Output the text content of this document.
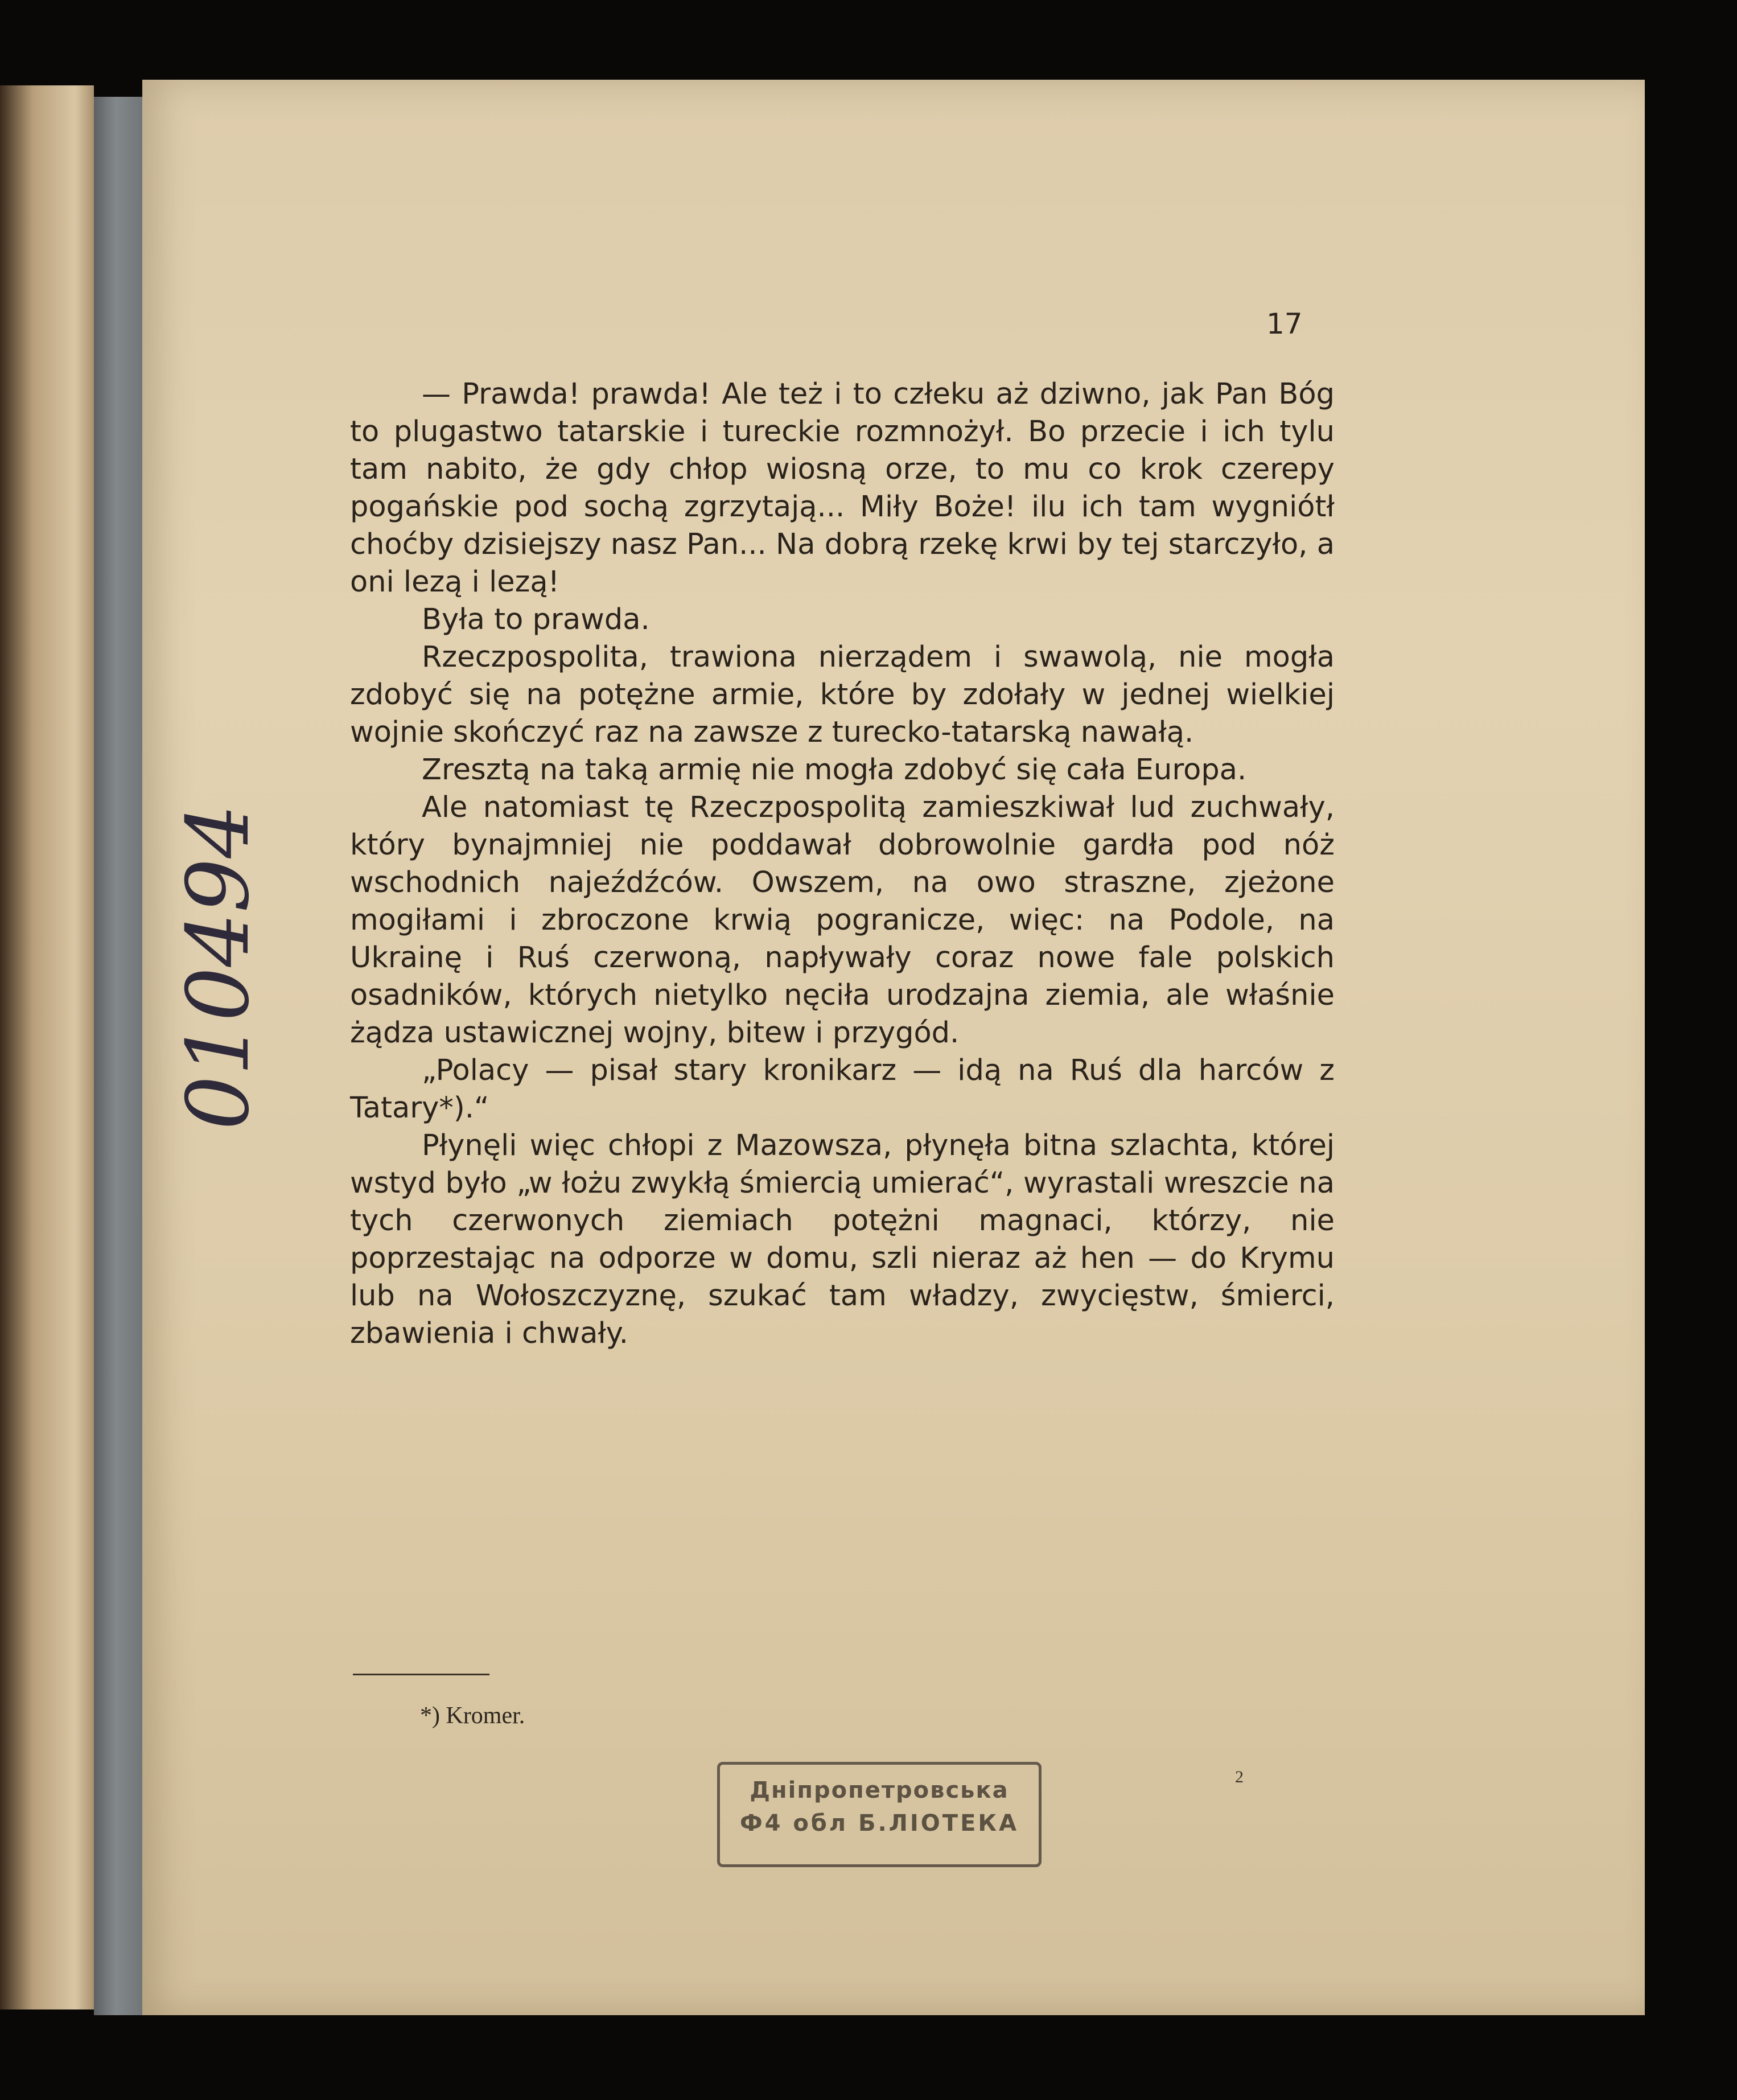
17

— Prawda! prawda! Ale też i to człeku aż dziwno, jak Pan Bóg to plugastwo tatarskie i tureckie rozmnożył. Bo przecie i ich tylu tam nabito, że gdy chłop wiosną orze, to mu co krok czerepy pogańskie pod sochą zgrzytają... Miły Boże! ilu ich tam wygniótł choćby dzisiejszy nasz Pan... Na dobrą rzekę krwi by tej starczyło, a oni lezą i lezą!

Była to prawda.

Rzeczpospolita, trawiona nierządem i swawolą, nie mogła zdobyć się na potężne armie, które by zdołały w jednej wielkiej wojnie skończyć raz na zawsze z turecko-tatarską nawałą.

Zresztą na taką armię nie mogła zdobyć się cała Europa.

Ale natomiast tę Rzeczpospolitą zamieszkiwał lud zuchwały, który bynajmniej nie poddawał dobrowolnie gardła pod nóż wschodnich najeźdźców. Owszem, na owo straszne, zjeżone mogiłami i zbroczone krwią pogranicze, więc: na Podole, na Ukrainę i Ruś czerwoną, napływały coraz nowe fale polskich osadników, których nietylko nęciła urodzajna ziemia, ale właśnie żądza ustawicznej wojny, bitew i przygód.

„Polacy — pisał stary kronikarz — idą na Ruś dla harców z Tatary*).“

Płynęli więc chłopi z Mazowsza, płynęła bitna szlachta, której wstyd było „w łożu zwykłą śmiercią umierać“, wyrastali wreszcie na tych czerwonych ziemiach potężni magnaci, którzy, nie poprzestając na odporze w domu, szli nieraz aż hen — do Krymu lub na Wołoszczyznę, szukać tam władzy, zwycięstw, śmierci, zbawienia i chwały.

*) Kromer.
Дніпропетровська
Ф4 обл Б.ЛІОТЕКА
2
010494
